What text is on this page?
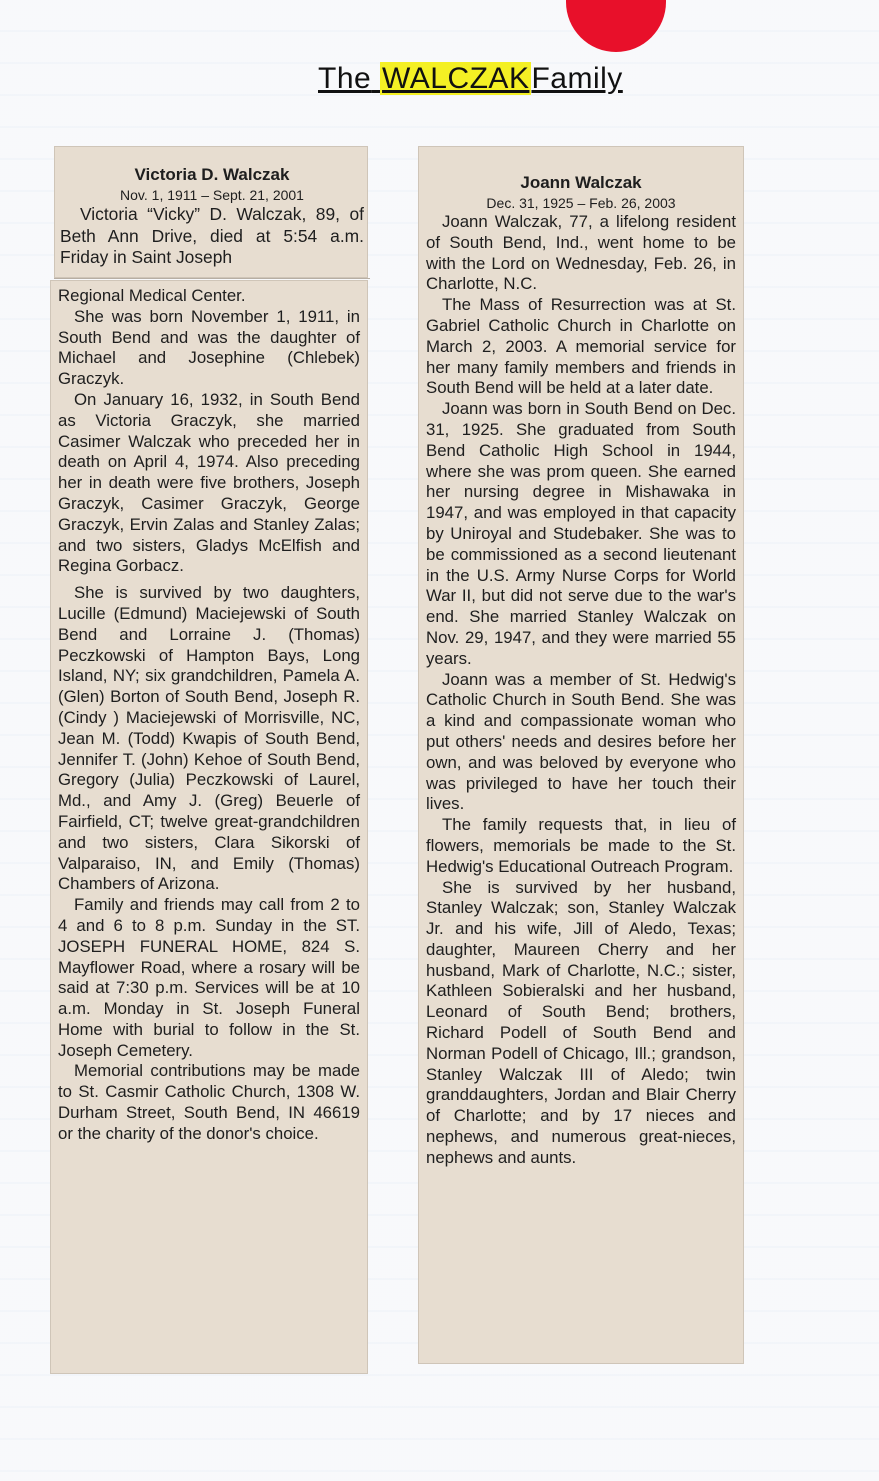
The WALCZAKFamily
Victoria D. Walczak
Nov. 1, 1911 – Sept. 21, 2001

Victoria “Vicky” D. Walczak, 89, of Beth Ann Drive, died at 5:54 a.m. Friday in Saint Joseph

Regional Medical Center.

She was born November 1, 1911, in South Bend and was the daughter of Michael and Josephine (Chlebek) Graczyk.

On January 16, 1932, in South Bend as Victoria Graczyk, she married Casimer Walczak who preceded her in death on April 4, 1974. Also preceding her in death were five brothers, Joseph Graczyk, Casimer Graczyk, George Graczyk, Ervin Zalas and Stanley Zalas; and two sisters, Gladys McElfish and Regina Gorbacz.

She is survived by two daughters, Lucille (Edmund) Maciejewski of South Bend and Lorraine J. (Thomas) Peczkowski of Hampton Bays, Long Island, NY; six grandchildren, Pamela A. (Glen) Borton of South Bend, Joseph R. (Cindy ) Maciejewski of Morrisville, NC, Jean M. (Todd) Kwapis of South Bend, Jennifer T. (John) Kehoe of South Bend, Gregory (Julia) Peczkowski of Laurel, Md., and Amy J. (Greg) Beuerle of Fairfield, CT; twelve great-grandchildren and two sisters, Clara Sikorski of Valparaiso, IN, and Emily (Thomas) Chambers of Arizona.

Family and friends may call from 2 to 4 and 6 to 8 p.m. Sunday in the ST. JOSEPH FUNERAL HOME, 824 S. Mayflower Road, where a rosary will be said at 7:30 p.m. Services will be at 10 a.m. Monday in St. Joseph Funeral Home with burial to follow in the St. Joseph Cemetery.

Memorial contributions may be made to St. Casmir Catholic Church, 1308 W. Durham Street, South Bend, IN 46619 or the charity of the donor's choice.

Joann Walczak
Dec. 31, 1925 – Feb. 26, 2003

Joann Walczak, 77, a lifelong resident of South Bend, Ind., went home to be with the Lord on Wednesday, Feb. 26, in Charlotte, N.C.

The Mass of Resurrection was at St. Gabriel Catholic Church in Charlotte on March 2, 2003. A memorial service for her many family members and friends in South Bend will be held at a later date.

Joann was born in South Bend on Dec. 31, 1925. She graduated from South Bend Catholic High School in 1944, where she was prom queen. She earned her nursing degree in Mishawaka in 1947, and was employed in that capacity by Uniroyal and Studebaker. She was to be commissioned as a second lieutenant in the U.S. Army Nurse Corps for World War II, but did not serve due to the war's end. She married Stanley Walczak on Nov. 29, 1947, and they were married 55 years.

Joann was a member of St. Hedwig's Catholic Church in South Bend. She was a kind and compassionate woman who put others' needs and desires before her own, and was beloved by everyone who was privileged to have her touch their lives.

The family requests that, in lieu of flowers, memorials be made to the St. Hedwig's Educational Outreach Program.

She is survived by her husband, Stanley Walczak; son, Stanley Walczak Jr. and his wife, Jill of Aledo, Texas; daughter, Maureen Cherry and her husband, Mark of Charlotte, N.C.; sister, Kathleen Sobieralski and her husband, Leonard of South Bend; brothers, Richard Podell of South Bend and Norman Podell of Chicago, Ill.; grandson, Stanley Walczak III of Aledo; twin granddaughters, Jordan and Blair Cherry of Charlotte; and by 17 nieces and nephews, and numerous great-nieces, nephews and aunts.
